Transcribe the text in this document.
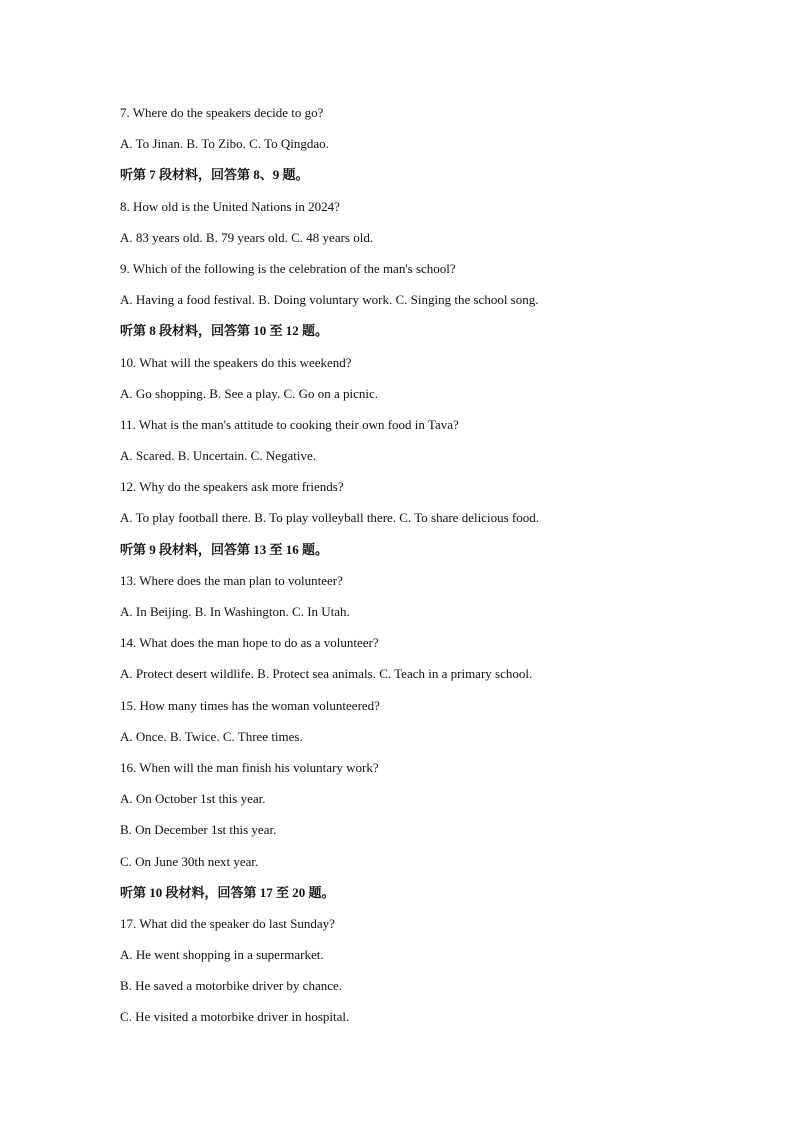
7. Where do the speakers decide to go?
A. To Jinan. B. To Zibo. C. To Qingdao.
听第 7 段材料，回答第 8、9 题。
8. How old is the United Nations in 2024?
A. 83 years old. B. 79 years old. C. 48 years old.
9. Which of the following is the celebration of the man's school?
A. Having a food festival. B. Doing voluntary work. C. Singing the school song.
听第 8 段材料，回答第 10 至 12 题。
10. What will the speakers do this weekend?
A. Go shopping. B. See a play. C. Go on a picnic.
11. What is the man's attitude to cooking their own food in Tava?
A. Scared. B. Uncertain. C. Negative.
12. Why do the speakers ask more friends?
A. To play football there. B. To play volleyball there. C. To share delicious food.
听第 9 段材料，回答第 13 至 16 题。
13. Where does the man plan to volunteer?
A. In Beijing. B. In Washington. C. In Utah.
14. What does the man hope to do as a volunteer?
A. Protect desert wildlife. B. Protect sea animals. C. Teach in a primary school.
15. How many times has the woman volunteered?
A. Once. B. Twice. C. Three times.
16. When will the man finish his voluntary work?
A. On October 1st this year.
B. On December 1st this year.
C. On June 30th next year.
听第 10 段材料，回答第 17 至 20 题。
17. What did the speaker do last Sunday?
A. He went shopping in a supermarket.
B. He saved a motorbike driver by chance.
C. He visited a motorbike driver in hospital.
